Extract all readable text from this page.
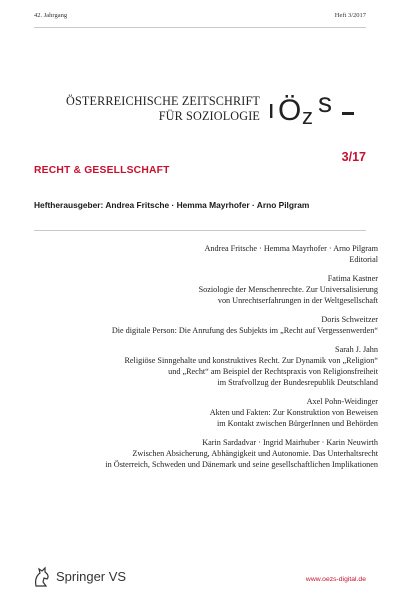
42. Jahrgang	Heft 3/2017
ÖSTERREICHISCHE ZEITSCHRIFT
FÜR SOZIOLOGIE Ö z s
3/17
RECHT & GESELLSCHAFT
Heftherausgeber: Andrea Fritsche · Hemma Mayrhofer · Arno Pilgram
Andrea Fritsche · Hemma Mayrhofer · Arno Pilgram
Editorial
Fatima Kastner
Soziologie der Menschenrechte. Zur Universalisierung
von Unrechtserfahrungen in der Weltgesellschaft
Doris Schweitzer
Die digitale Person: Die Anrufung des Subjekts im „Recht auf Vergessenwerden“
Sarah J. Jahn
Religiöse Sinngehalte und konstruktives Recht. Zur Dynamik von „Religion“
und „Recht“ am Beispiel der Rechtspraxis von Religionsfreiheit
im Strafvollzug der Bundesrepublik Deutschland
Axel Pohn-Weidinger
Akten und Fakten: Zur Konstruktion von Beweisen
im Kontakt zwischen BürgerInnen und Behörden
Karin Sardadvar · Ingrid Mairhuber · Karin Neuwirth
Zwischen Absicherung, Abhängigkeit und Autonomie. Das Unterhaltsrecht
in Österreich, Schweden und Dänemark und seine gesellschaftlichen Implikationen
Springer VS	www.oezs-digital.de
